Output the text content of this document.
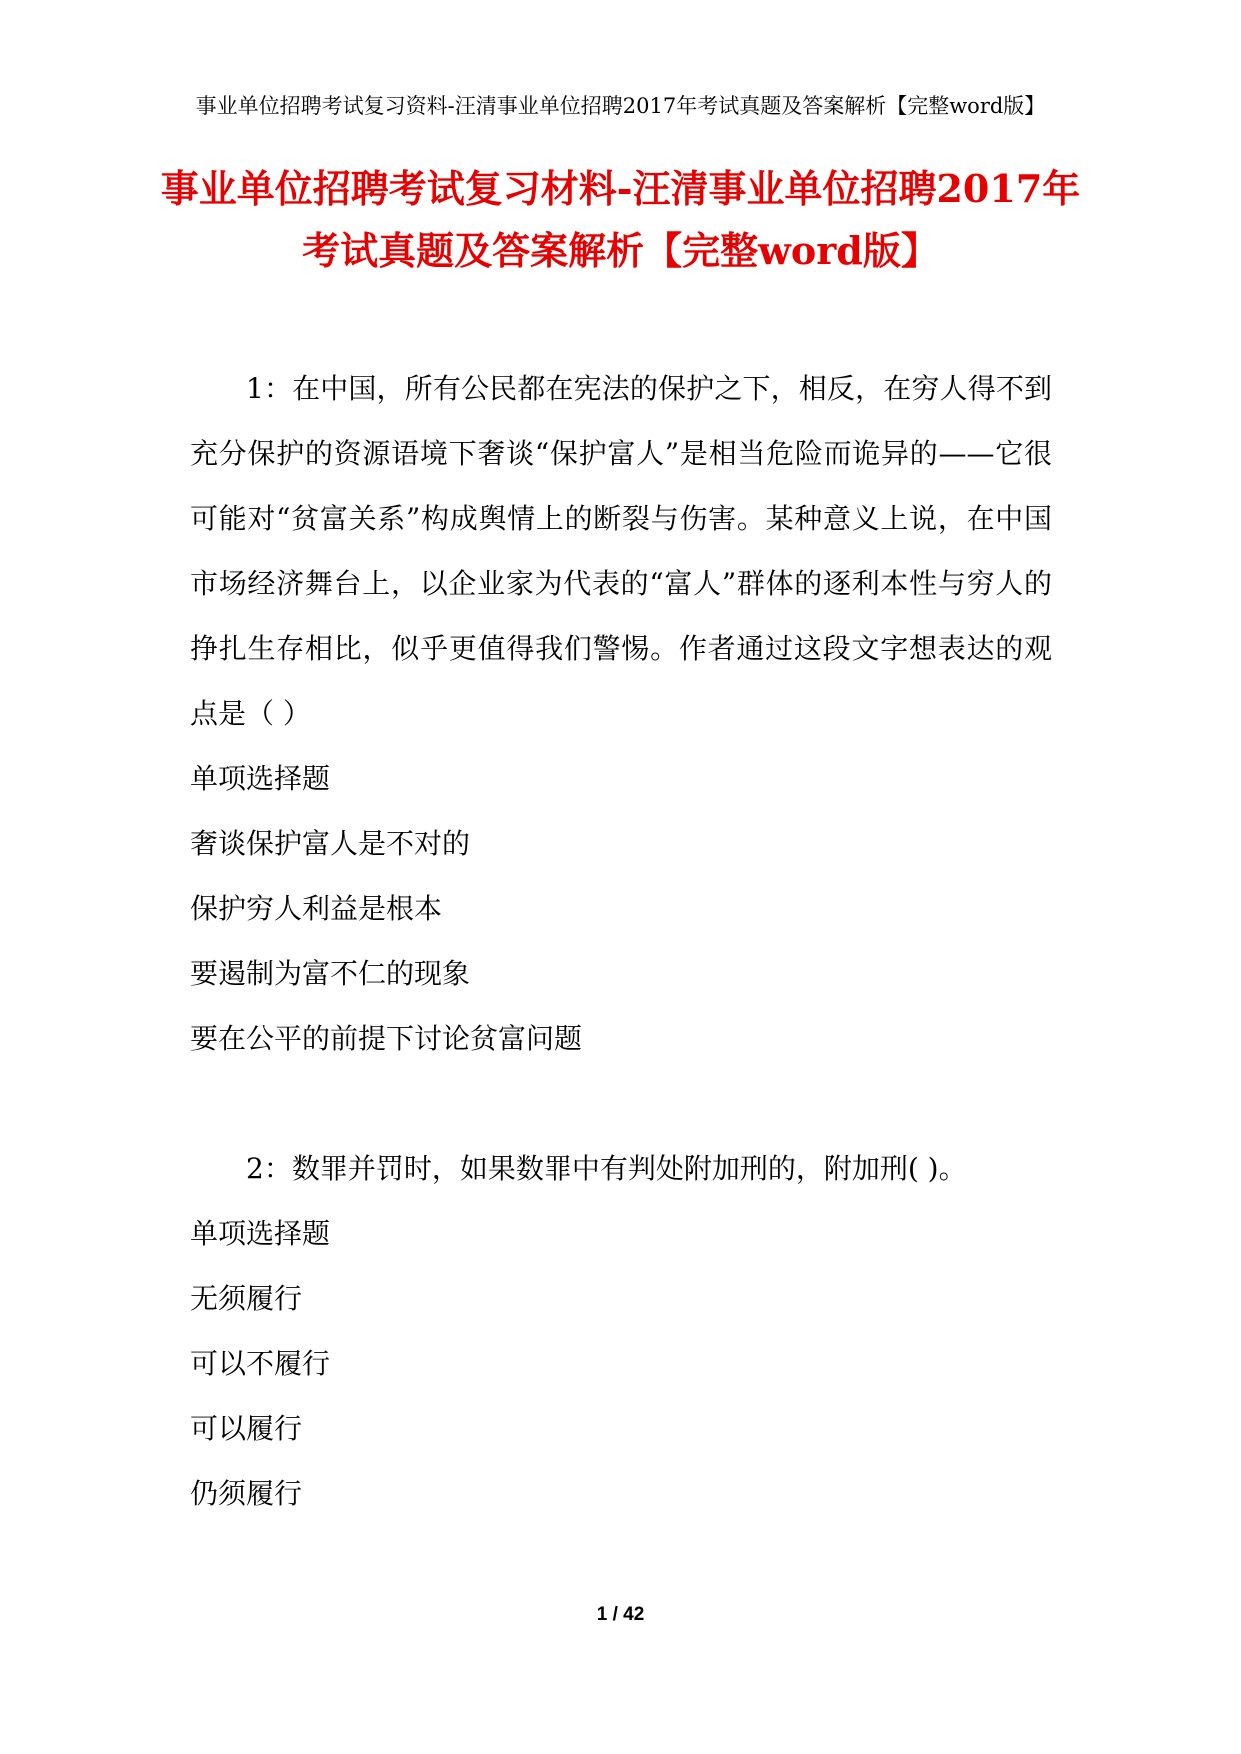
事业单位招聘考试复习资料-汪清事业单位招聘2017年考试真题及答案解析【完整word版】
事业单位招聘考试复习材料-汪清事业单位招聘2017年考试真题及答案解析【完整word版】

1：在中国，所有公民都在宪法的保护之下，相反，在穷人得不到充分保护的资源语境下奢谈“保护富人”是相当危险而诡异的——它很可能对“贫富关系”构成舆情上的断裂与伤害。某种意义上说，在中国市场经济舞台上，以企业家为代表的“富人”群体的逐利本性与穷人的挣扎生存相比，似乎更值得我们警惕。作者通过这段文字想表达的观点是（ ）

单项选择题

奢谈保护富人是不对的

保护穷人利益是根本

要遏制为富不仁的现象

要在公平的前提下讨论贫富问题

2：数罪并罚时，如果数罪中有判处附加刑的，附加刑( )。

单项选择题

无须履行

可以不履行

可以履行

仍须履行

1 / 42
